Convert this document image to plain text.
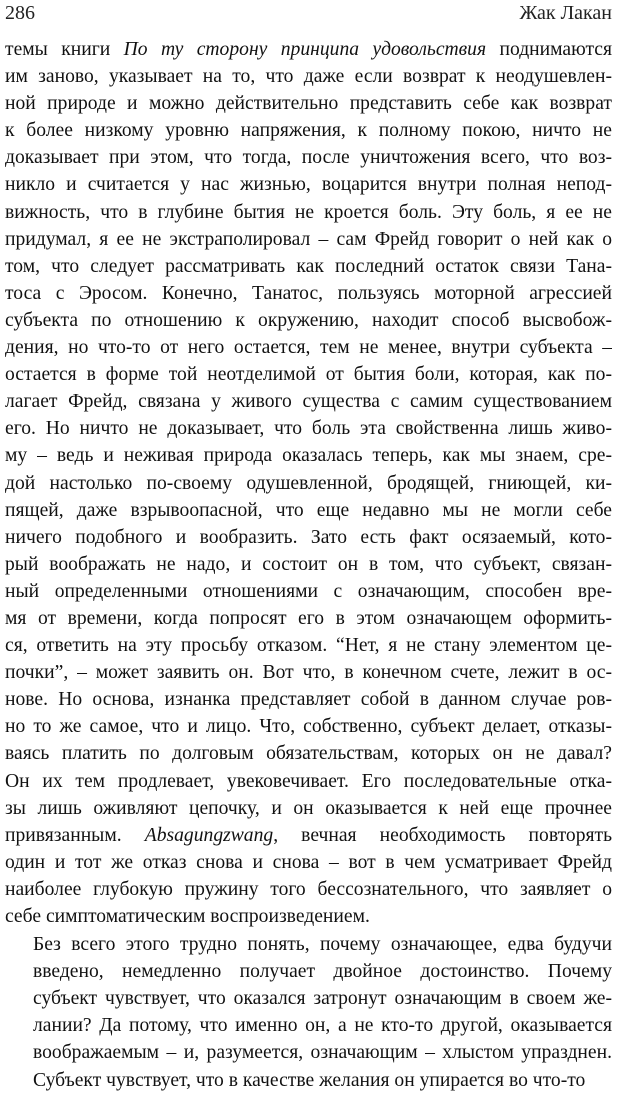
286	Жак Лакан

темы книги По ту сторону принципа удовольствия поднимаются
им заново, указывает на то, что даже если возврат к неодушевлен-
ной природе и можно действительно представить себе как возврат
к более низкому уровню напряжения, к полному покою, ничто не
доказывает при этом, что тогда, после уничтожения всего, что воз-
никло и считается у нас жизнью, воцарится внутри полная непод-
вижность, что в глубине бытия не кроется боль. Эту боль, я ее не
придумал, я ее не экстраполировал – сам Фрейд говорит о ней как о
том, что следует рассматривать как последний остаток связи Тана-
тоса с Эросом. Конечно, Танатос, пользуясь моторной агрессией
субъекта по отношению к окружению, находит способ высвобож-
дения, но что-то от него остается, тем не менее, внутри субъекта –
остается в форме той неотделимой от бытия боли, которая, как по-
лагает Фрейд, связана у живого существа с самим существованием
его. Но ничто не доказывает, что боль эта свойственна лишь живо-
му – ведь и неживая природа оказалась теперь, как мы знаем, сре-
дой настолько по-своему одушевленной, бродящей, гниющей, ки-
пящей, даже взрывоопасной, что еще недавно мы не могли себе
ничего подобного и вообразить. Зато есть факт осязаемый, кото-
рый воображать не надо, и состоит он в том, что субъект, связан-
ный определенными отношениями с означающим, способен вре-
мя от времени, когда попросят его в этом означающем оформить-
ся, ответить на эту просьбу отказом. “Нет, я не стану элементом це-
почки”, – может заявить он. Вот что, в конечном счете, лежит в ос-
нове. Но основа, изнанка представляет собой в данном случае ров-
но то же самое, что и лицо. Что, собственно, субъект делает, отказы-
ваясь платить по долговым обязательствам, которых он не давал?
Он их тем продлевает, увековечивает. Его последовательные отка-
зы лишь оживляют цепочку, и он оказывается к ней еще прочнее
привязанным. Absagungzwang, вечная необходимость повторять
один и тот же отказ снова и снова – вот в чем усматривает Фрейд
наиболее глубокую пружину того бессознательного, что заявляет о
себе симптоматическим воспроизведением.

Без всего этого трудно понять, почему означающее, едва будучи
введено, немедленно получает двойное достоинство. Почему
субъект чувствует, что оказался затронут означающим в своем же-
лании? Да потому, что именно он, а не кто-то другой, оказывается
воображаемым – и, разумеется, означающим – хлыстом упразднен.
Субъект чувствует, что в качестве желания он упирается во что-то
